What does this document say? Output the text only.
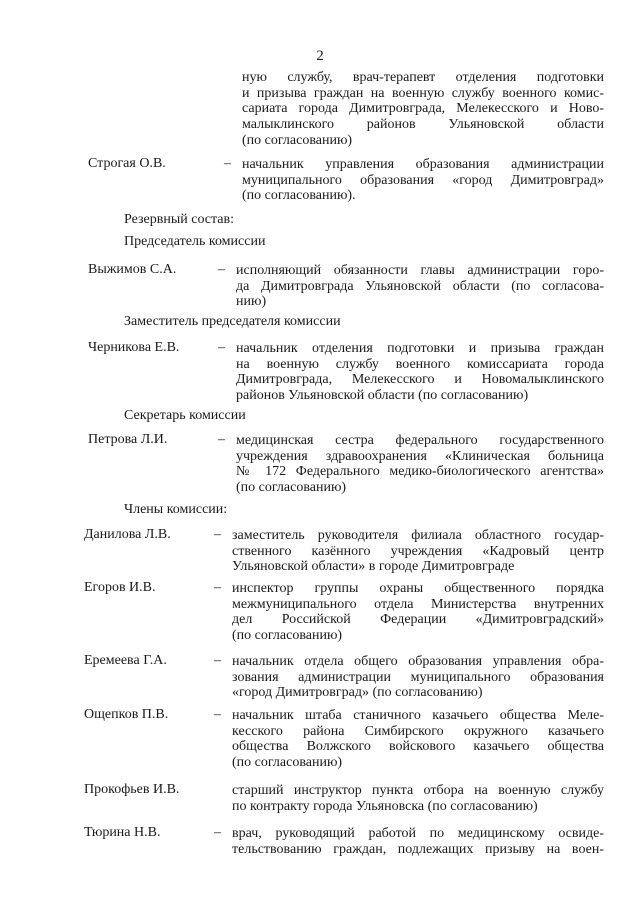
2
ную службу, врач-терапевт отделения подготовки
и призыва граждан на военную службу военного комис-
сариата города Димитровграда, Мелекесского и Ново-
малыклинского районов Ульяновской области
(по согласованию)
Строгая О.В.	– начальник управления образования администрации
муниципального образования «город Димитровград»
(по согласованию).
Резервный состав:
Председатель комиссии
Выжимов С.А.	– исполняющий обязанности главы администрации горо-
да Димитровграда Ульяновской области (по согласова-
нию)
Заместитель председателя комиссии
Черникова Е.В.	– начальник отделения подготовки и призыва граждан
на военную службу военного комиссариата города
Димитровграда, Мелекесского и Новомалыклинского
районов Ульяновской области (по согласованию)
Секретарь комиссии
Петрова Л.И.	– медицинская сестра федерального государственного
учреждения здравоохранения «Клиническая больница
№ 172 Федерального медико-биологического агентства»
(по согласованию)
Члены комиссии:
Данилова Л.В.	– заместитель руководителя филиала областного государ-
ственного казённого учреждения «Кадровый центр
Ульяновской области» в городе Димитровграде
Егоров И.В.	– инспектор группы охраны общественного порядка
межмуниципального отдела Министерства внутренних
дел Российской Федерации «Димитровградский»
(по согласованию)
Еремеева Г.А.	– начальник отдела общего образования управления обра-
зования администрации муниципального образования
«город Димитровград» (по согласованию)
Ощепков П.В.	– начальник штаба станичного казачьего общества Меле-
кесского района Симбирского окружного казачьего
общества Волжского войскового казачьего общества
(по согласованию)
Прокофьев И.В.	старший инструктор пункта отбора на военную службу
по контракту города Ульяновска (по согласованию)
Тюрина Н.В.	– врач, руководящий работой по медицинскому освиде-
тельствованию граждан, подлежащих призыву на воен-
